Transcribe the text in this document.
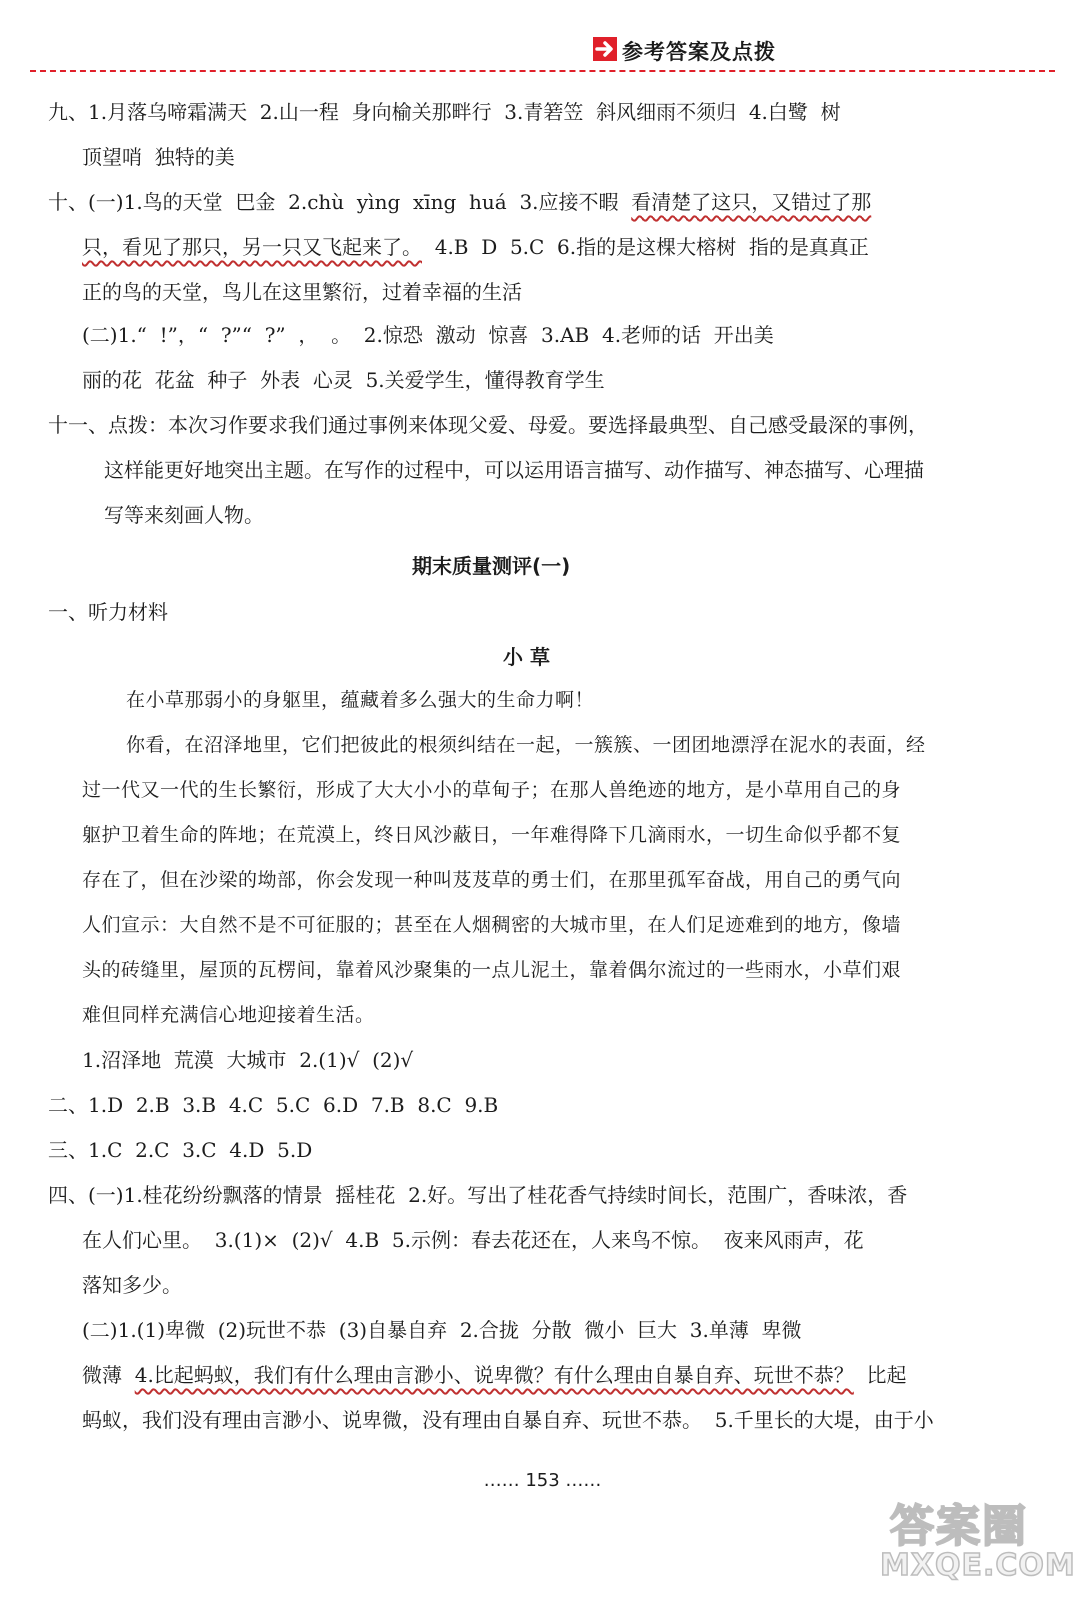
参考答案及点拨
九、1.月落乌啼霜满天  2.山一程  身向榆关那畔行  3.青箬笠  斜风细雨不须归  4.白鹭  树
顶望哨  独特的美
十、(一)1.鸟的天堂  巴金  2.chù  yìng  xīng  huá  3.应接不暇  看清楚了这只，又错过了那
只，看见了那只，另一只又飞起来了。  4.B  D  5.C  6.指的是这棵大榕树  指的是真真正
正的鸟的天堂，鸟儿在这里繁衍，过着幸福的生活
(二)1.“  !”，“  ?”“  ?”  ，  。  2.惊恐  激动  惊喜  3.AB  4.老师的话  开出美
丽的花  花盆  种子  外表  心灵  5.关爱学生，懂得教育学生
十一、点拨：本次习作要求我们通过事例来体现父爱、母爱。要选择最典型、自己感受最深的事例，
这样能更好地突出主题。在写作的过程中，可以运用语言描写、动作描写、神态描写、心理描
写等来刻画人物。
期末质量测评(一)
一、听力材料
小 草
在小草那弱小的身躯里，蕴藏着多么强大的生命力啊！
你看，在沼泽地里，它们把彼此的根须纠结在一起，一簇簇、一团团地漂浮在泥水的表面，经
过一代又一代的生长繁衍，形成了大大小小的草甸子；在那人兽绝迹的地方，是小草用自己的身
躯护卫着生命的阵地；在荒漠上，终日风沙蔽日，一年难得降下几滴雨水，一切生命似乎都不复
存在了，但在沙梁的坳部，你会发现一种叫芨芨草的勇士们，在那里孤军奋战，用自己的勇气向
人们宣示：大自然不是不可征服的；甚至在人烟稠密的大城市里，在人们足迹难到的地方，像墙
头的砖缝里，屋顶的瓦楞间，靠着风沙聚集的一点儿泥土，靠着偶尔流过的一些雨水，小草们艰
难但同样充满信心地迎接着生活。
1.沼泽地  荒漠  大城市  2.(1)√  (2)√
二、1.D  2.B  3.B  4.C  5.C  6.D  7.B  8.C  9.B
三、1.C  2.C  3.C  4.D  5.D
四、(一)1.桂花纷纷飘落的情景  摇桂花  2.好。写出了桂花香气持续时间长，范围广，香味浓，香
在人们心里。  3.(1)×  (2)√  4.B  5.示例：春去花还在，人来鸟不惊。  夜来风雨声，花
落知多少。
(二)1.(1)卑微  (2)玩世不恭  (3)自暴自弃  2.合拢  分散  微小  巨大  3.单薄  卑微
微薄  4.比起蚂蚁，我们有什么理由言渺小、说卑微？有什么理由自暴自弃、玩世不恭？  比起
蚂蚁，我们没有理由言渺小、说卑微，没有理由自暴自弃、玩世不恭。  5.千里长的大堤，由于小
…… 153 ……
答案圈
MXQE.COM
